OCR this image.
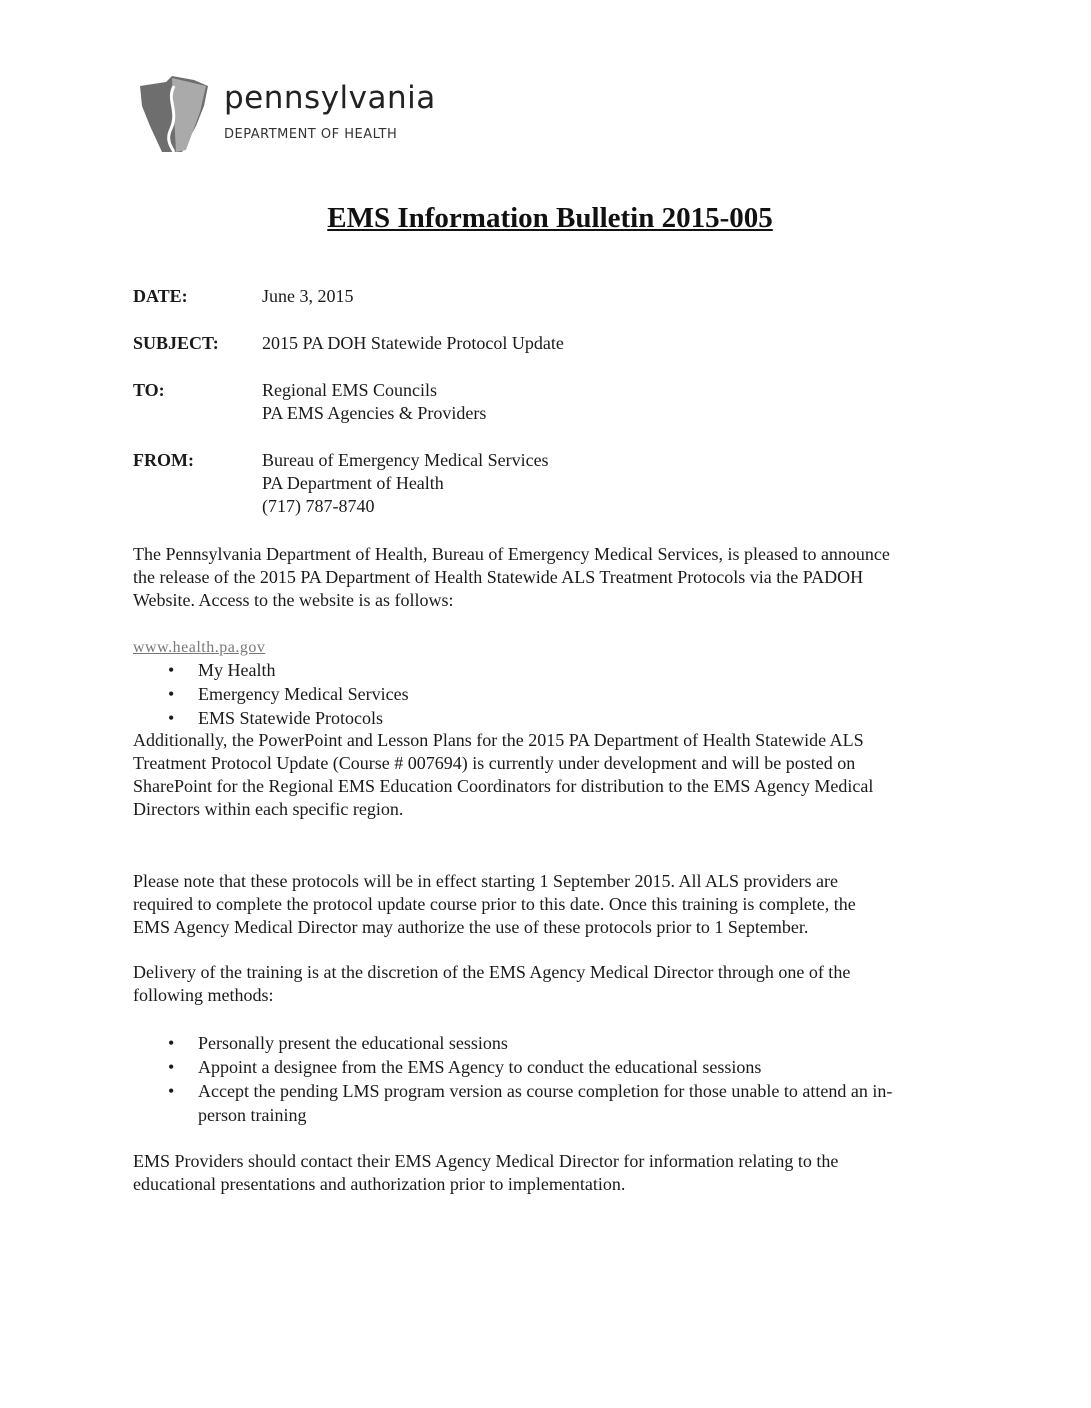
pennsylvania
DEPARTMENT OF HEALTH
EMS Information Bulletin 2015-005
DATE:	June 3, 2015
SUBJECT: 2015 PA DOH Statewide Protocol Update
TO:	Regional EMS Councils
PA EMS Agencies & Providers
FROM:	Bureau of Emergency Medical Services
PA Department of Health
(717) 787-8740
The Pennsylvania Department of Health, Bureau of Emergency Medical Services, is pleased to announce
the release of the 2015 PA Department of Health Statewide ALS Treatment Protocols via the PADOH
Website. Access to the website is as follows:
www.health.pa.gov
• My Health
• Emergency Medical Services
• EMS Statewide Protocols
Additionally, the PowerPoint and Lesson Plans for the 2015 PA Department of Health Statewide ALS
Treatment Protocol Update (Course # 007694) is currently under development and will be posted on
SharePoint for the Regional EMS Education Coordinators for distribution to the EMS Agency Medical
Directors within each specific region.
Please note that these protocols will be in effect starting 1 September 2015. All ALS providers are
required to complete the protocol update course prior to this date. Once this training is complete, the
EMS Agency Medical Director may authorize the use of these protocols prior to 1 September.
Delivery of the training is at the discretion of the EMS Agency Medical Director through one of the
following methods:
• Personally present the educational sessions
• Appoint a designee from the EMS Agency to conduct the educational sessions
• Accept the pending LMS program version as course completion for those unable to attend an in-
person training
EMS Providers should contact their EMS Agency Medical Director for information relating to the
educational presentations and authorization prior to implementation.
